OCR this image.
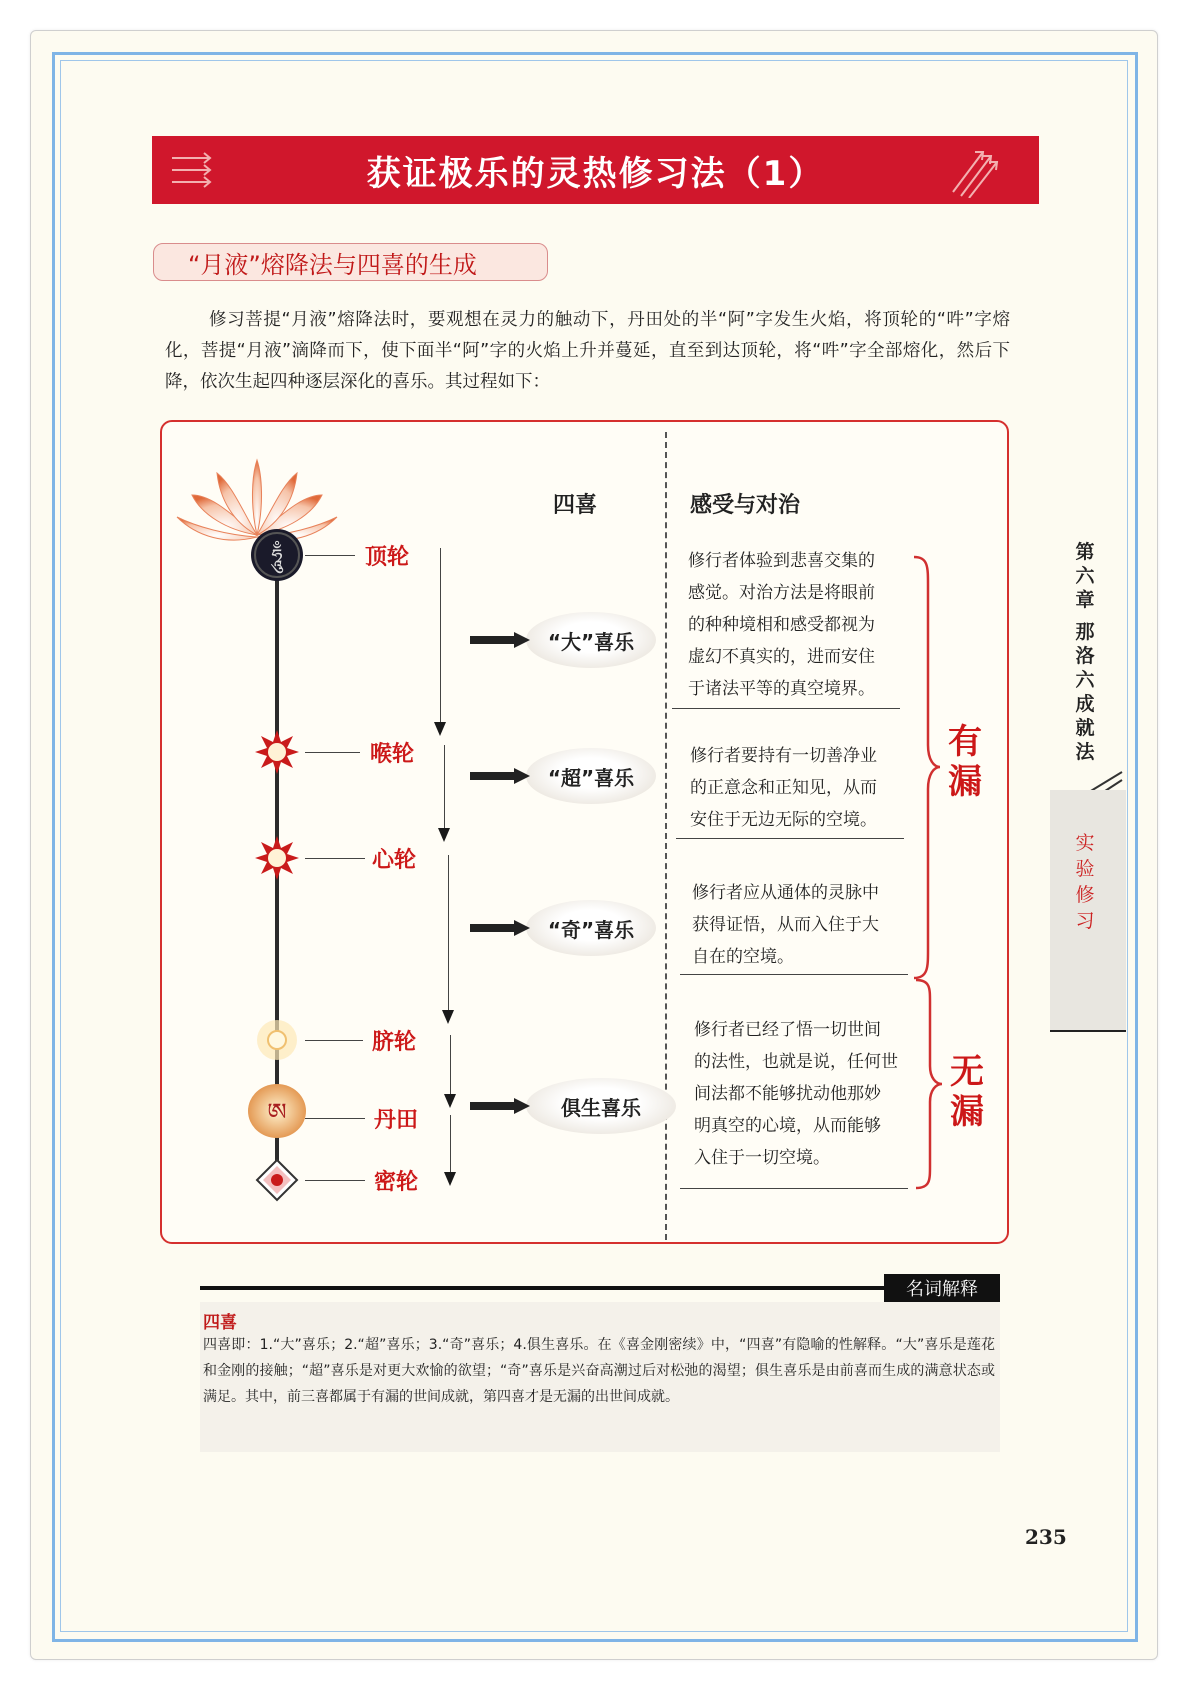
获证极乐的灵热修习法（1）
“月液”熔降法与四喜的生成
修习菩提“月液”熔降法时，要观想在灵力的触动下，丹田处的半“阿”字发生火焰，将顶轮的“吽”字熔化，菩提“月液”滴降而下，使下面半“阿”字的火焰上升并蔓延，直至到达顶轮，将“吽”字全部熔化，然后下降，依次生起四种逐层深化的喜乐。其过程如下：
四喜	感受与对治
ཧཱུྃ
ཨ
顶轮
喉轮
心轮
脐轮
丹田
密轮
“大”喜乐
“超”喜乐
“奇”喜乐
俱生喜乐
修行者体验到悲喜交集的
感觉。对治方法是将眼前
的种种境相和感受都视为
虚幻不真实的，进而安住
于诸法平等的真空境界。
修行者要持有一切善净业
的正意念和正知见，从而
安住于无边无际的空境。
修行者应从通体的灵脉中
获得证悟，从而入住于大
自在的空境。
修行者已经了悟一切世间
的法性，也就是说，任何世
间法都不能够扰动他那妙
明真空的心境，从而能够
入住于一切空境。
有漏
无漏
第六章
那洛六成就法
实验修习
名词解释
四喜
四喜即：1.“大”喜乐；2.“超”喜乐；3.“奇”喜乐；4.俱生喜乐。在《喜金刚密续》中，“四喜”有隐喻的性解释。“大”喜乐是莲花和金刚的接触；“超”喜乐是对更大欢愉的欲望；“奇”喜乐是兴奋高潮过后对松弛的渴望；俱生喜乐是由前喜而生成的满意状态或满足。其中，前三喜都属于有漏的世间成就，第四喜才是无漏的出世间成就。
235
